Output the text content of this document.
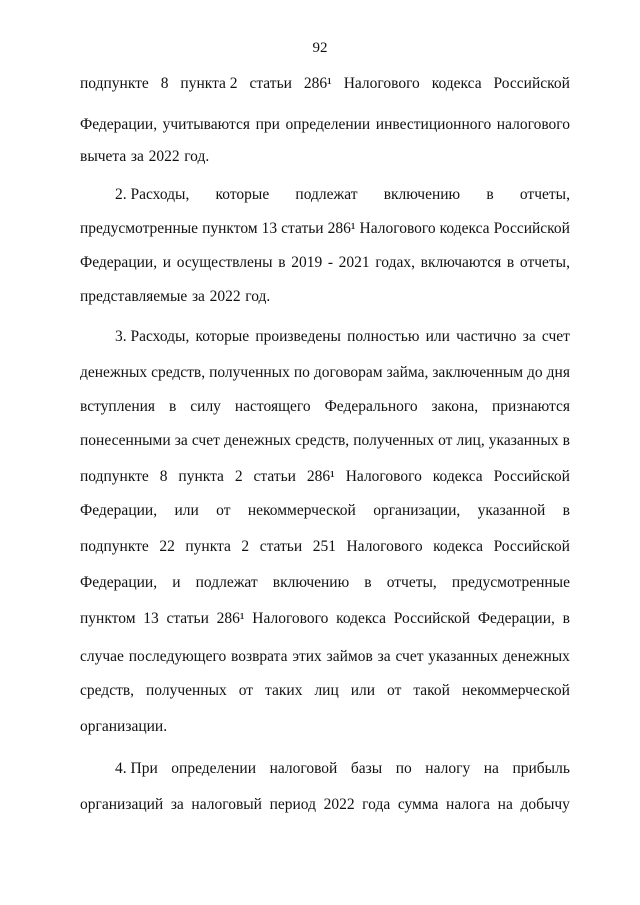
92
подпункте 8 пункта 2 статьи 286¹ Налогового кодекса Российской
Федерации, учитываются при определении инвестиционного налогового
вычета за 2022 год.
2. Расходы, которые подлежат включению в отчеты,
предусмотренные пунктом 13 статьи 286¹ Налогового кодекса Российской
Федерации, и осуществлены в 2019 - 2021 годах, включаются в отчеты,
представляемые за 2022 год.
3. Расходы, которые произведены полностью или частично за счет
денежных средств, полученных по договорам займа, заключенным до дня
вступления в силу настоящего Федерального закона, признаются
понесенными за счет денежных средств, полученных от лиц, указанных в
подпункте 8 пункта 2 статьи 286¹ Налогового кодекса Российской
Федерации, или от некоммерческой организации, указанной в
подпункте 22 пункта 2 статьи 251 Налогового кодекса Российской
Федерации, и подлежат включению в отчеты, предусмотренные
пунктом 13 статьи 286¹ Налогового кодекса Российской Федерации, в
случае последующего возврата этих займов за счет указанных денежных
средств, полученных от таких лиц или от такой некоммерческой
организации.
4. При определении налоговой базы по налогу на прибыль
организаций за налоговый период 2022 года сумма налога на добычу
